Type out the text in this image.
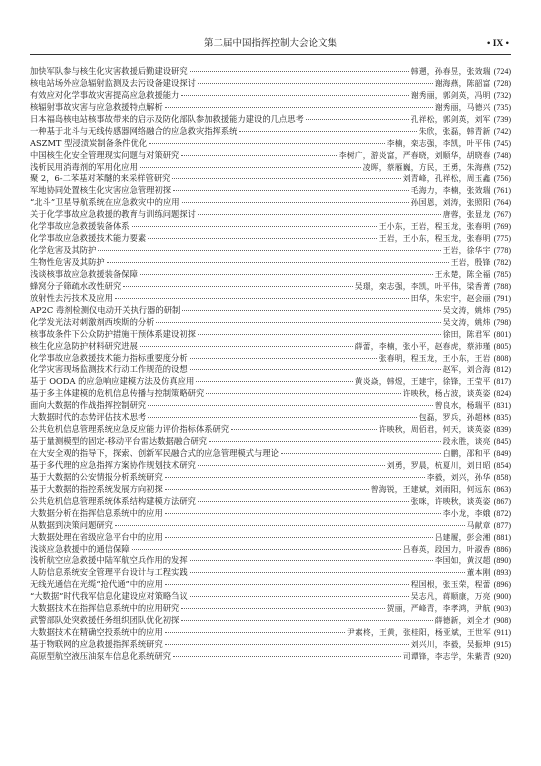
第二届中国指挥控制大会论文集	• IX •
加快军队参与核生化灾害救援后勤建设研究	韩遡，孙春昱，张效瑞 (724)
核电站场外应急辐射监测及去污设备建设探讨	谢海燕，陈韶富 (728)
有效应对化学事故灾害提高应急救援能力	谢秀丽，郭剑英，冯明 (732)
核辐射事故灾害与应急救援特点解析	谢秀丽，马德兴 (735)
日本福岛核电站核事故带来的启示及防化部队参加救援能力建设的几点思考	孔祥松，郭剑英，刘军 (739)
一种基于北斗与无线传感器网络融合的应急救灾指挥系统	朱欣，张磊，韩青新 (742)
ASZMT 型浸渍炭制备条件优化	李楠，栾志强，李凯，叶平伟 (745)
中国核生化安全管理现实问题与对策研究	李树广，游炎富，严春晓，刘顺华，胡晓春 (748)
浅析民用消毒剂的军用化应用	凌晖，蔡雁巍，方民，王勇，朱海燕 (752)
聚 2，6-二苯基对苯醚的来采样管研究	刘青峰，孔祥松，周玉鑫 (756)
军地协同处置核生化灾害应急管理初探	毛海力，李楠，张效瑞 (761)
“北斗”卫星导航系统在应急救灾中的应用	孙国恩，刘涛，张照阳 (764)
关于化学事故应急救援的教育与训练问题探讨	唐蓉，张显龙 (767)
化学事故应急救援装备体系	王小东，王岩，程玉龙，张春明 (769)
化学事故应急救援技术能力要素	王岩，王小东，程玉龙，张春明 (775)
化学危害及其防护	王岩，徐华宇 (778)
生物性危害及其防护	王岩，殷锋 (782)
浅谈核事故应急救援装备保障	王永楚，陈全福 (785)
蜂窝分子筛疏水改性研究	吴璟，栾志强，李凯，叶平伟，梁香菁 (788)
放射性去污技术及应用	田华，朱宏宇，赵会丽 (791)
AP2C 毒剂检测仪电动开关执行器的研制	吴文涛，姚炜 (795)
化学发光法对刺激剂西埃斯的分析	吴文涛，姚炜 (798)
核事故条件下公众防护措施干预体系建设初探	徐田，陈君军 (801)
核生化应急防护材料研究进展	薛蕾，李楠，张小平，赵春虎，蔡沛瑾 (805)
化学事故应急救援技术能力指标重要度分析	张春明，程玉龙，王小东，王岩 (808)
化学灾害现场监测技术行动工作规范的设想	赵军，刘合海 (812)
基于 OODA 的应急响应建模方法及仿真应用	黄炎焱，韩煜，王建宇，徐锋，王莹平 (817)
基于多主体建模的危机信息传播与控制策略研究	许映秋，杨占波，谈英姿 (824)
面向大数据的作战指挥控制研究	曾良水，杨瑞平 (831)
大数据时代的态势评估技术思考	包磊，罗兵，孙超林 (835)
公共危机信息管理系统应急反应能力评价指标体系研究	许映秋，周佰君，何天，谈英姿 (839)
基于量测模型的固定-移动平台雷达数据融合研究	段永胜，谈亮 (845)
在大安全观的指导下，探索、创新军民融合式的应急管理模式与理论	白鹏，邵和平 (849)
基于多代理的应急指挥方案协作规划技术研究	刘勇，罗晨，杭夏川，刘日昭 (854)
基于大数据的公安情报分析系统研究	李毅，刘兴，孙华 (858)
基于大数据的指控系统发展方向初探	曾海锐，王建斌，刘雨阳，何远东 (863)
公共危机信息管理系统体系结构建模方法研究	张咪，许映秋，谈英姿 (867)
大数据分析在指挥信息系统中的应用	李小龙，李娥 (872)
从数据到决策问题研究	马献章 (877)
大数据处理在省级应急平台中的应用	吕建履，彭会湘 (881)
浅谈应急救援中的通信保障	吕春英，段国力，叶淑香 (886)
浅析航空应急救援中陆军航空兵作用的发挥	李国如，黄汉超 (890)
人防信息系统安全管理平台设计与工程实践	董本刚 (893)
无线光通信在光缆“抢代通”中的应用	程国根，张玉荣，程蕾 (896)
“大数据”时代我军信息化建设应对策略刍议	吴志凡，蒋顺康，万亮 (900)
大数据技术在指挥信息系统中的应用研究	贺丽，严峰青，李孝鸿，尹航 (903)
武警部队处突救援任务组织团队优化初探	薛德新，刘全才 (908)
大数据技术在精确空投系统中的应用	尹素柊，王黄，张桂阳，杨亚斌，王世军 (911)
基于物联网的应急救援指挥系统研究	刘兴川，李毅，吴振坤 (915)
高原型航空液压油泵车信息化系统研究	司谭锋，李志学，朱紫青 (920)
